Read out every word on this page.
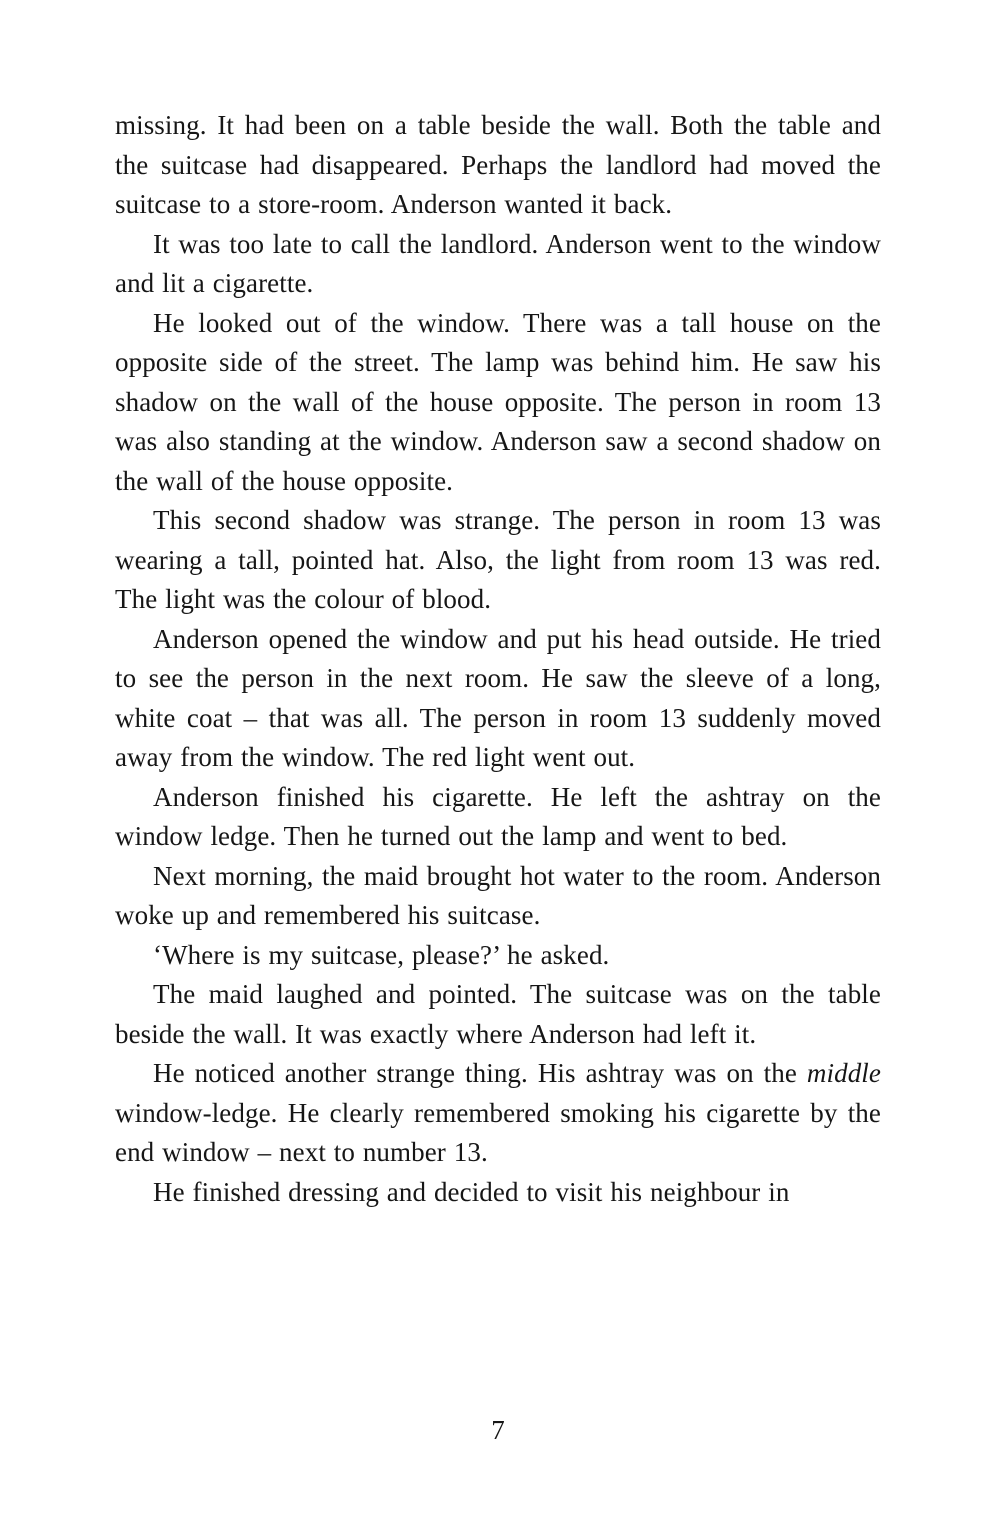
missing. It had been on a table beside the wall. Both the table and the suitcase had disappeared. Perhaps the landlord had moved the suitcase to a store-room. Anderson wanted it back.

It was too late to call the landlord. Anderson went to the window and lit a cigarette.

He looked out of the window. There was a tall house on the opposite side of the street. The lamp was behind him. He saw his shadow on the wall of the house opposite. The person in room 13 was also standing at the window. Anderson saw a second shadow on the wall of the house opposite.

This second shadow was strange. The person in room 13 was wearing a tall, pointed hat. Also, the light from room 13 was red. The light was the colour of blood.

Anderson opened the window and put his head outside. He tried to see the person in the next room. He saw the sleeve of a long, white coat – that was all. The person in room 13 suddenly moved away from the window. The red light went out.

Anderson finished his cigarette. He left the ashtray on the window ledge. Then he turned out the lamp and went to bed.

Next morning, the maid brought hot water to the room. Anderson woke up and remembered his suitcase.

‘Where is my suitcase, please?’ he asked.

The maid laughed and pointed. The suitcase was on the table beside the wall. It was exactly where Anderson had left it.

He noticed another strange thing. His ashtray was on the middle window-ledge. He clearly remembered smoking his cigarette by the end window – next to number 13.

He finished dressing and decided to visit his neighbour in

7
